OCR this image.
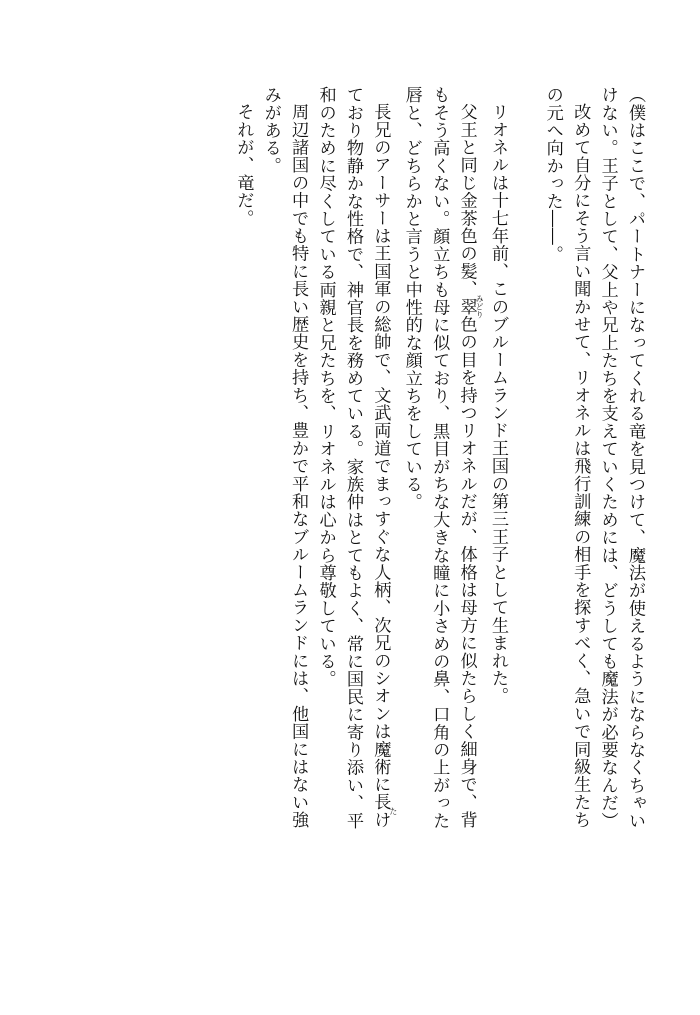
（僕はここで、パートナーになってくれる竜を見つけて、魔法が使えるようにならなくちゃい
けない。王子として、父上や兄上たちを支えていくためには、どうしても魔法が必要なんだ）
改めて自分にそう言い聞かせて、リオネルは飛行訓練の相手を探すべく、急いで同級生たち
の元へ向かった――。
リオネルは十七年前、このブルームランド王国の第三王子として生まれた。
父王と同じ金茶色の髪、翠みどり色の目を持つリオネルだが、体格は母方に似たらしく細身で、背
もそう高くない。顔立ちも母に似ており、黒目がちな大きな瞳に小さめの鼻、口角の上がった
唇と、どちらかと言うと中性的な顔立ちをしている。
長兄のアーサーは王国軍の総帥で、文武両道でまっすぐな人柄、次兄のシオンは魔術に長けた
ており物静かな性格で、神官長を務めている。家族仲はとてもよく、常に国民に寄り添い、平
和のために尽くしている両親と兄たちを、リオネルは心から尊敬している。
周辺諸国の中でも特に長い歴史を持ち、豊かで平和なブルームランドには、他国にはない強
みがある。
それが、竜だ。
